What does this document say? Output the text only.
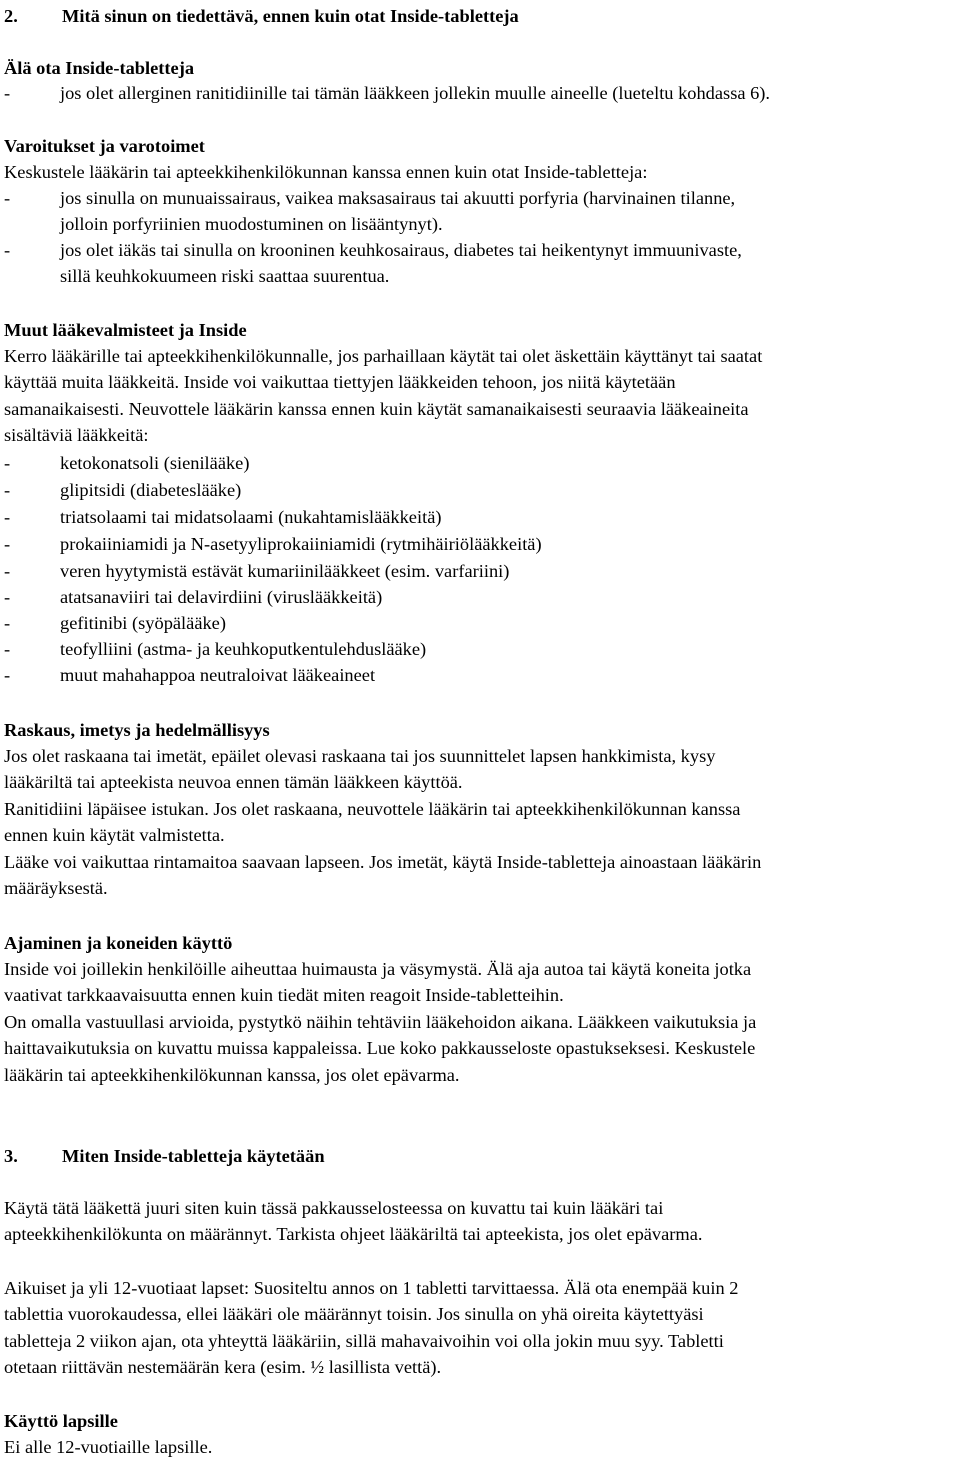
2. Mitä sinun on tiedettävä, ennen kuin otat Inside-tabletteja
Älä ota Inside-tabletteja
-	jos olet allerginen ranitidiinille tai tämän lääkkeen jollekin muulle aineelle (lueteltu kohdassa 6).
Varoitukset ja varotoimet
Keskustele lääkärin tai apteekkihenkilökunnan kanssa ennen kuin otat Inside-tabletteja:
-	jos sinulla on munuaissairaus, vaikea maksasairaus tai akuutti porfyria (harvinainen tilanne,
jolloin porfyriinien muodostuminen on lisääntynyt).
-	jos olet iäkäs tai sinulla on krooninen keuhkosairaus, diabetes tai heikentynyt immuunivaste,
sillä keuhkokuumeen riski saattaa suurentua.
Muut lääkevalmisteet ja Inside
Kerro lääkärille tai apteekkihenkilökunnalle, jos parhaillaan käytät tai olet äskettäin käyttänyt tai saatat
käyttää muita lääkkeitä. Inside voi vaikuttaa tiettyjen lääkkeiden tehoon, jos niitä käytetään
samanaikaisesti. Neuvottele lääkärin kanssa ennen kuin käytät samanaikaisesti seuraavia lääkeaineita
sisältäviä lääkkeitä:
-	ketokonatsoli (sienilääke)
-	glipitsidi (diabeteslääke)
-	triatsolaami tai midatsolaami (nukahtamislääkkeitä)
-	prokaiiniamidi ja N-asetyyliprokaiiniamidi (rytmihäiriölääkkeitä)
-	veren hyytymistä estävät kumariinilääkkeet (esim. varfariini)
-	atatsanaviiri tai delavirdiini (viruslääkkeitä)
-	gefitinibi (syöpälääke)
-	teofylliini (astma- ja keuhkoputkentulehduslääke)
-	muut mahahappoa neutraloivat lääkeaineet
Raskaus, imetys ja hedelmällisyys
Jos olet raskaana tai imetät, epäilet olevasi raskaana tai jos suunnittelet lapsen hankkimista, kysy
lääkäriltä tai apteekista neuvoa ennen tämän lääkkeen käyttöä.
Ranitidiini läpäisee istukan. Jos olet raskaana, neuvottele lääkärin tai apteekkihenkilökunnan kanssa
ennen kuin käytät valmistetta.
Lääke voi vaikuttaa rintamaitoa saavaan lapseen. Jos imetät, käytä Inside-tabletteja ainoastaan lääkärin
määräyksestä.
Ajaminen ja koneiden käyttö
Inside voi joillekin henkilöille aiheuttaa huimausta ja väsymystä. Älä aja autoa tai käytä koneita jotka
vaativat tarkkaavaisuutta ennen kuin tiedät miten reagoit Inside-tabletteihin.
On omalla vastuullasi arvioida, pystytkö näihin tehtäviin lääkehoidon aikana. Lääkkeen vaikutuksia ja
haittavaikutuksia on kuvattu muissa kappaleissa. Lue koko pakkausseloste opastukseksesi. Keskustele
lääkärin tai apteekkihenkilökunnan kanssa, jos olet epävarma.
3. Miten Inside-tabletteja käytetään
Käytä tätä lääkettä juuri siten kuin tässä pakkausselosteessa on kuvattu tai kuin lääkäri tai
apteekkihenkilökunta on määrännyt. Tarkista ohjeet lääkäriltä tai apteekista, jos olet epävarma.
Aikuiset ja yli 12-vuotiaat lapset: Suositeltu annos on 1 tabletti tarvittaessa. Älä ota enempää kuin 2
tablettia vuorokaudessa, ellei lääkäri ole määrännyt toisin. Jos sinulla on yhä oireita käytettyäsi
tabletteja 2 viikon ajan, ota yhteyttä lääkäriin, sillä mahavaivoihin voi olla jokin muu syy. Tabletti
otetaan riittävän nestemäärän kera (esim. ½ lasillista vettä).
Käyttö lapsille
Ei alle 12-vuotiaille lapsille.
